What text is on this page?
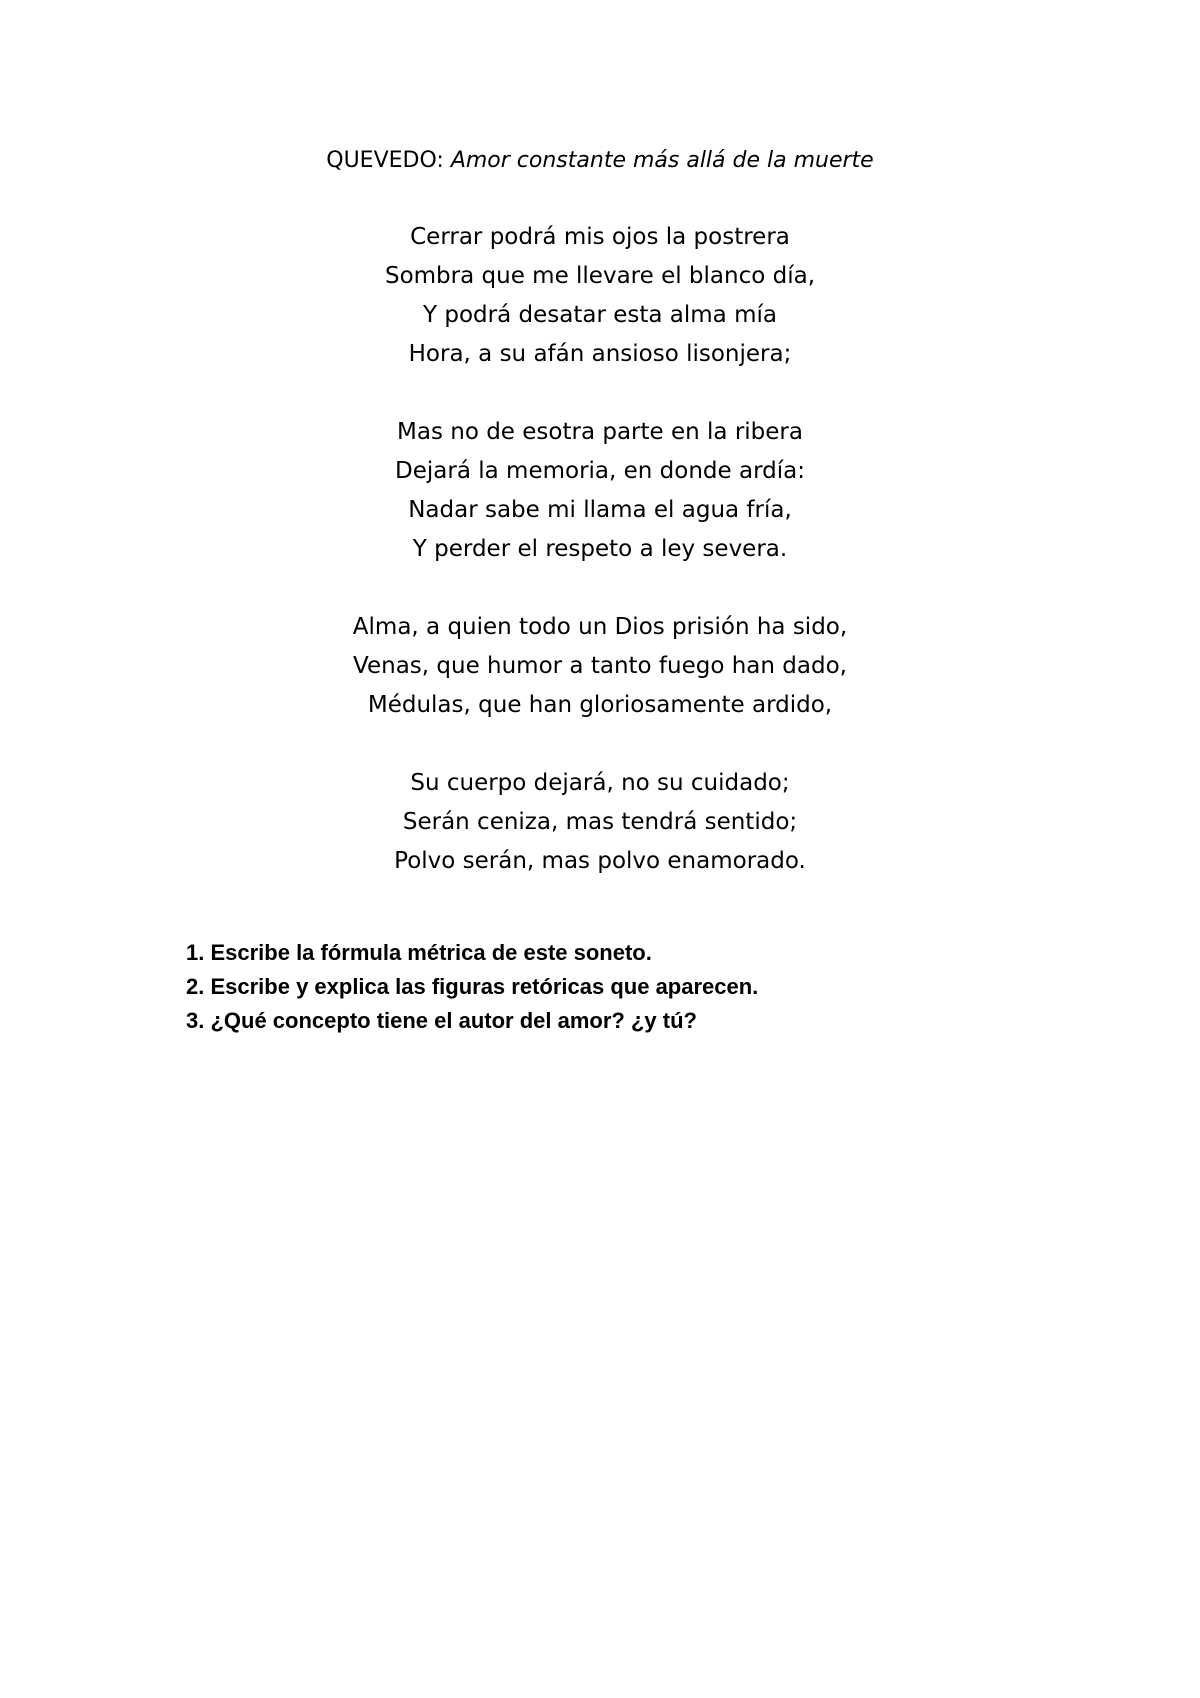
QUEVEDO: Amor constante más allá de la muerte
Cerrar podrá mis ojos la postrera
Sombra que me llevare el blanco día,
Y podrá desatar esta alma mía
Hora, a su afán ansioso lisonjera;
Mas no de esotra parte en la ribera
Dejará la memoria, en donde ardía:
Nadar sabe mi llama el agua fría,
Y perder el respeto a ley severa.
Alma, a quien todo un Dios prisión ha sido,
Venas, que humor a tanto fuego han dado,
Médulas, que han gloriosamente ardido,
Su cuerpo dejará, no su cuidado;
Serán ceniza, mas tendrá sentido;
Polvo serán, mas polvo enamorado.
1. Escribe la fórmula métrica de este soneto.
2. Escribe y explica las figuras retóricas que aparecen.
3. ¿Qué concepto tiene el autor del amor? ¿y tú?
